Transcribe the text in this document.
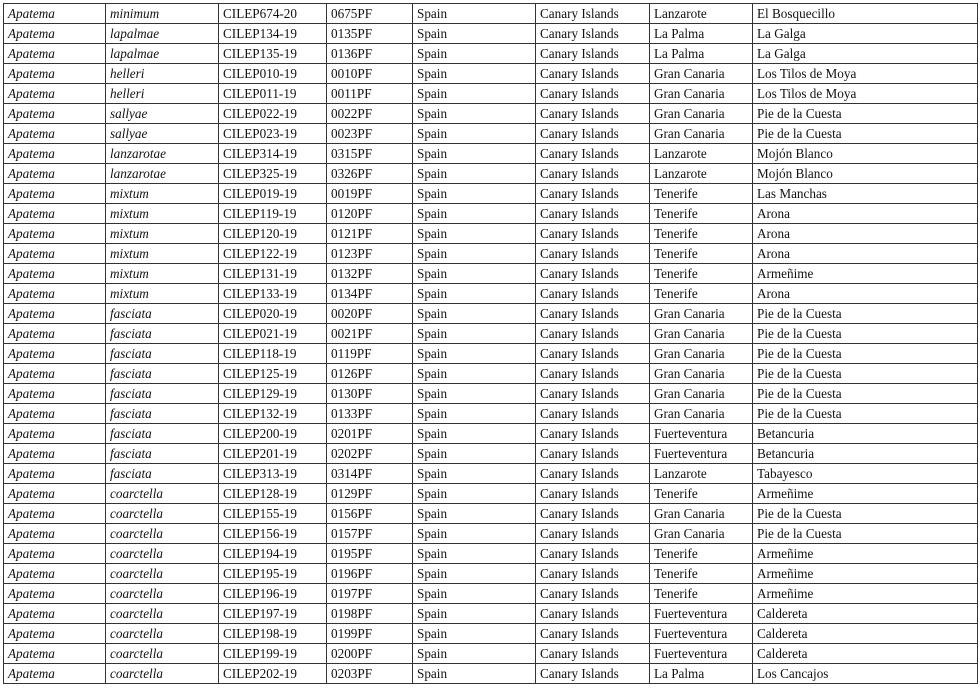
Apatema	minimum	CILEP674-20	0675PF	Spain	Canary Islands	Lanzarote	El Bosquecillo
Apatema	lapalmae	CILEP134-19	0135PF	Spain	Canary Islands	La Palma	La Galga
Apatema	lapalmae	CILEP135-19	0136PF	Spain	Canary Islands	La Palma	La Galga
Apatema	helleri	CILEP010-19	0010PF	Spain	Canary Islands	Gran Canaria	Los Tilos de Moya
Apatema	helleri	CILEP011-19	0011PF	Spain	Canary Islands	Gran Canaria	Los Tilos de Moya
Apatema	sallyae	CILEP022-19	0022PF	Spain	Canary Islands	Gran Canaria	Pie de la Cuesta
Apatema	sallyae	CILEP023-19	0023PF	Spain	Canary Islands	Gran Canaria	Pie de la Cuesta
Apatema	lanzarotae	CILEP314-19	0315PF	Spain	Canary Islands	Lanzarote	Mojón Blanco
Apatema	lanzarotae	CILEP325-19	0326PF	Spain	Canary Islands	Lanzarote	Mojón Blanco
Apatema	mixtum	CILEP019-19	0019PF	Spain	Canary Islands	Tenerife	Las Manchas
Apatema	mixtum	CILEP119-19	0120PF	Spain	Canary Islands	Tenerife	Arona
Apatema	mixtum	CILEP120-19	0121PF	Spain	Canary Islands	Tenerife	Arona
Apatema	mixtum	CILEP122-19	0123PF	Spain	Canary Islands	Tenerife	Arona
Apatema	mixtum	CILEP131-19	0132PF	Spain	Canary Islands	Tenerife	Armeñime
Apatema	mixtum	CILEP133-19	0134PF	Spain	Canary Islands	Tenerife	Arona
Apatema	fasciata	CILEP020-19	0020PF	Spain	Canary Islands	Gran Canaria	Pie de la Cuesta
Apatema	fasciata	CILEP021-19	0021PF	Spain	Canary Islands	Gran Canaria	Pie de la Cuesta
Apatema	fasciata	CILEP118-19	0119PF	Spain	Canary Islands	Gran Canaria	Pie de la Cuesta
Apatema	fasciata	CILEP125-19	0126PF	Spain	Canary Islands	Gran Canaria	Pie de la Cuesta
Apatema	fasciata	CILEP129-19	0130PF	Spain	Canary Islands	Gran Canaria	Pie de la Cuesta
Apatema	fasciata	CILEP132-19	0133PF	Spain	Canary Islands	Gran Canaria	Pie de la Cuesta
Apatema	fasciata	CILEP200-19	0201PF	Spain	Canary Islands	Fuerteventura	Betancuria
Apatema	fasciata	CILEP201-19	0202PF	Spain	Canary Islands	Fuerteventura	Betancuria
Apatema	fasciata	CILEP313-19	0314PF	Spain	Canary Islands	Lanzarote	Tabayesco
Apatema	coarctella	CILEP128-19	0129PF	Spain	Canary Islands	Tenerife	Armeñime
Apatema	coarctella	CILEP155-19	0156PF	Spain	Canary Islands	Gran Canaria	Pie de la Cuesta
Apatema	coarctella	CILEP156-19	0157PF	Spain	Canary Islands	Gran Canaria	Pie de la Cuesta
Apatema	coarctella	CILEP194-19	0195PF	Spain	Canary Islands	Tenerife	Armeñime
Apatema	coarctella	CILEP195-19	0196PF	Spain	Canary Islands	Tenerife	Armeñime
Apatema	coarctella	CILEP196-19	0197PF	Spain	Canary Islands	Tenerife	Armeñime
Apatema	coarctella	CILEP197-19	0198PF	Spain	Canary Islands	Fuerteventura	Caldereta
Apatema	coarctella	CILEP198-19	0199PF	Spain	Canary Islands	Fuerteventura	Caldereta
Apatema	coarctella	CILEP199-19	0200PF	Spain	Canary Islands	Fuerteventura	Caldereta
Apatema	coarctella	CILEP202-19	0203PF	Spain	Canary Islands	La Palma	Los Cancajos
